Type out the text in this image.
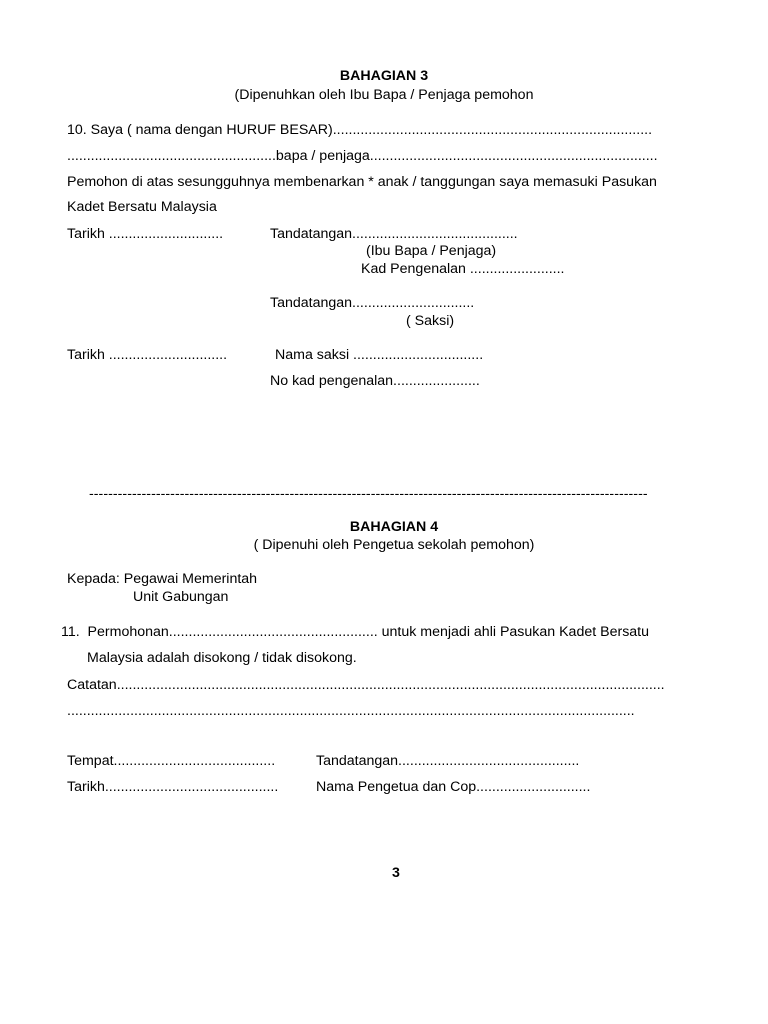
BAHAGIAN 3
(Dipenuhkan oleh Ibu Bapa / Penjaga pemohon
10. Saya ( nama dengan HURUF BESAR).................................................................................
.....................................................bapa / penjaga.........................................................................
Pemohon di atas sesungguhnya membenarkan * anak / tanggungan saya memasuki Pasukan
Kadet Bersatu Malaysia
Tarikh .............................	Tandatangan..........................................
(Ibu Bapa / Penjaga)
Kad Pengenalan ........................
Tandatangan...............................
( Saksi)
Tarikh ..............................	Nama saksi .................................
No kad pengenalan......................
---------------------------------------------------------------------------------------------------------------------
BAHAGIAN 4
( Dipenuhi oleh Pengetua sekolah pemohon)
Kepada: Pegawai Memerintah
Unit Gabungan
11.  Permohonan..................................................... untuk menjadi ahli Pasukan Kadet Bersatu
Malaysia adalah disokong / tidak disokong.
Catatan...........................................................................................................................................
................................................................................................................................................
Tempat.........................................	Tandatangan..............................................
Tarikh............................................	Nama Pengetua dan Cop.............................
3
